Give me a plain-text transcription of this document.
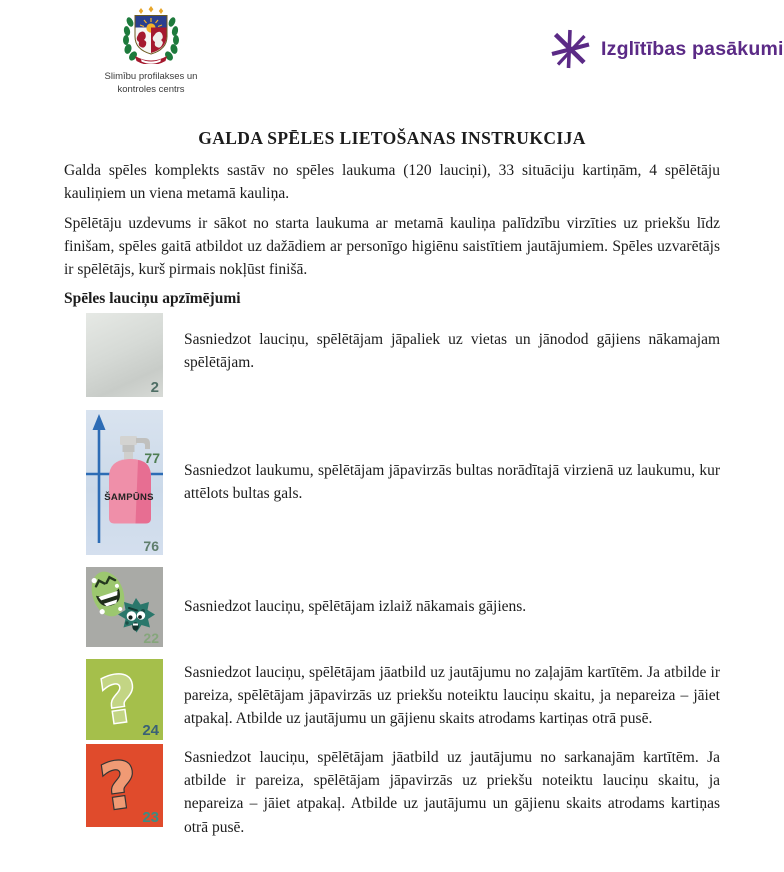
Slimību profilakses un
kontroles centrs
Izglītības pasākumi
GALDA SPĒLES LIETOŠANAS INSTRUKCIJA

Galda spēles komplekts sastāv no spēles laukuma (120 lauciņi), 33 situāciju kartiņām, 4 spēlētāju kauliņiem un viena metamā kauliņa.

Spēlētāju uzdevums ir sākot no starta laukuma ar metamā kauliņa palīdzību virzīties uz priekšu līdz finišam, spēles gaitā atbildot uz dažādiem ar personīgo higiēnu saistītiem jautājumiem. Spēles uzvarētājs ir spēlētājs, kurš pirmais nokļūst finišā.

Spēles lauciņu apzīmējumi
2
Sasniedzot lauciņu, spēlētājam jāpaliek uz vietas un jānodod gājiens nākamajam spēlētājam.
ŠAMPŪNS
77
76
Sasniedzot laukumu, spēlētājam jāpavirzās bultas norādītajā virzienā uz laukumu, kur attēlots bultas gals.
22
Sasniedzot lauciņu, spēlētājam izlaiž nākamais gājiens.
? 24
Sasniedzot lauciņu, spēlētājam jāatbild uz jautājumu no zaļajām kartītēm. Ja atbilde ir pareiza, spēlētājam jāpavirzās uz priekšu noteiktu lauciņu skaitu, ja nepareiza – jāiet atpakaļ. Atbilde uz jautājumu un gājienu skaits atrodams kartiņas otrā pusē.
? 23
Sasniedzot lauciņu, spēlētājam jāatbild uz jautājumu no sarkanajām kartītēm. Ja atbilde ir pareiza, spēlētājam jāpavirzās uz priekšu noteiktu lauciņu skaitu, ja nepareiza – jāiet atpakaļ. Atbilde uz jautājumu un gājienu skaits atrodams kartiņas otrā pusē.
